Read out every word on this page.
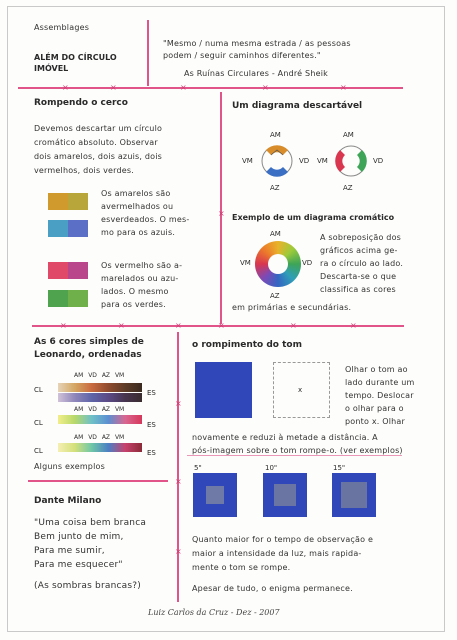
×	×	×	×	×
×	×	×	×	×	×
×
×
×
×
Assemblages
ALÉM DO CÍRCULO
IMÓVEL
"Mesmo / numa mesma estrada / as pessoas
podem / seguir caminhos diferentes."
As Ruínas Circulares - André Sheik
Rompendo o cerco
Devemos descartar um círculo
cromático absoluto. Observar
dois amarelos, dois azuis, dois
vermelhos, dois verdes.
Os amarelos são
avermelhados ou
esverdeados. O mes-
mo para os azuis.
Os vermelho são a-
marelados ou azu-
lados. O mesmo
para os verdes.
Um diagrama descartável
AM
VM	VD
AZ
AM
VM	VD
AZ
Exemplo de um diagrama cromático
AM
VM	VD
AZ
A sobreposição dos
gráficos acima ge-
ra o círculo ao lado.
Descarta-se o que
classifica as cores
em primárias e secundárias.
As 6 cores simples de
Leonardo, ordenadas
AM VD AZ VM
CL	ES
AM VD AZ VM
CL	ES
AM VD AZ VM
CL	ES
Alguns exemplos
o rompimento do tom
x
Olhar o tom ao
lado durante um
tempo. Deslocar
o olhar para o
ponto x. Olhar
novamente e reduzi à metade a distância. A
pós-imagem sobre o tom rompe-o. (ver exemplos)
5"	10"	15"
Quanto maior for o tempo de observação e
maior a intensidade da luz, mais rapida-
mente o tom se rompe.
Apesar de tudo, o enigma permanece.
Dante Milano
"Uma coisa bem branca
Bem junto de mim,
Para me sumir,
Para me esquecer"
(As sombras brancas?)
Luiz Carlos da Cruz - Dez - 2007
